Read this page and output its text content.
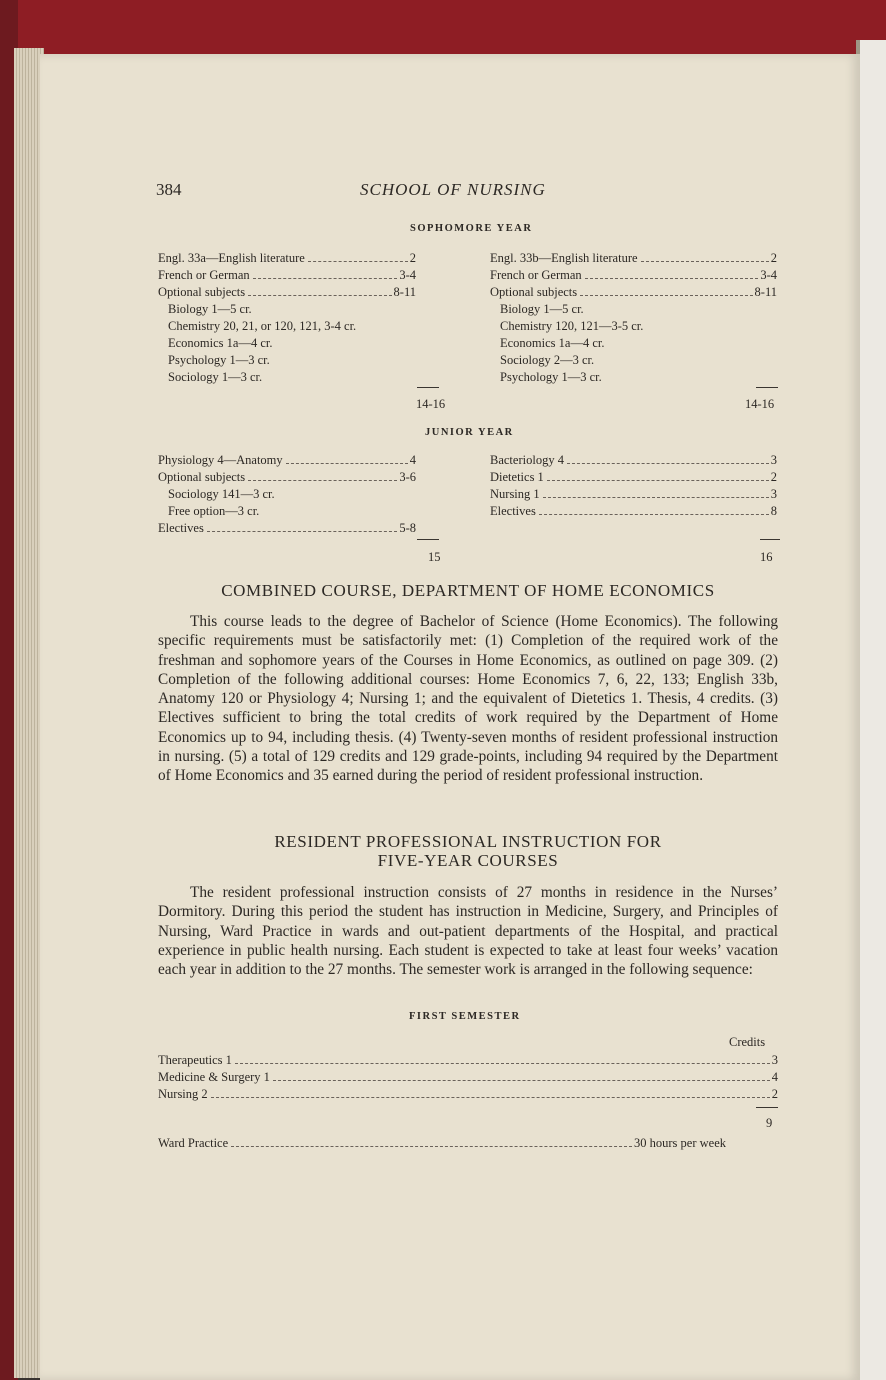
384	SCHOOL OF NURSING
SOPHOMORE YEAR
Engl. 33a—English literature	2
French or German	3-4
Optional subjects	8-11
Biology 1—5 cr.
Chemistry 20, 21, or 120, 121, 3-4 cr.
Economics 1a—4 cr.
Psychology 1—3 cr.
Sociology 1—3 cr.
Engl. 33b—English literature	2
French or German	3-4
Optional subjects	8-11
Biology 1—5 cr.
Chemistry 120, 121—3-5 cr.
Economics 1a—4 cr.
Sociology 2—3 cr.
Psychology 1—3 cr.
14-16	14-16
JUNIOR YEAR
Physiology 4—Anatomy	4
Optional subjects	3-6
Sociology 141—3 cr.
Free option—3 cr.
Electives	5-8
Bacteriology 4	3
Dietetics 1	2
Nursing 1	3
Electives	8
15	16
COMBINED COURSE, DEPARTMENT OF HOME ECONOMICS
This course leads to the degree of Bachelor of Science (Home Economics). The following specific requirements must be satisfactorily met: (1) Completion of the required work of the freshman and sophomore years of the Courses in Home Economics, as outlined on page 309. (2) Completion of the following additional courses: Home Economics 7, 6, 22, 133; English 33b, Anatomy 120 or Physiology 4; Nursing 1; and the equivalent of Dietetics 1. Thesis, 4 credits. (3) Electives sufficient to bring the total credits of work required by the Department of Home Economics up to 94, including thesis. (4) Twenty-seven months of resident professional instruction in nursing. (5) a total of 129 credits and 129 grade-points, including 94 required by the Department of Home Economics and 35 earned during the period of resident professional instruction.
RESIDENT PROFESSIONAL INSTRUCTION FOR
FIVE-YEAR COURSES
The resident professional instruction consists of 27 months in residence in the Nurses’ Dormitory. During this period the student has instruction in Medicine, Surgery, and Principles of Nursing, Ward Practice in wards and out-patient departments of the Hospital, and practical experience in public health nursing. Each student is expected to take at least four weeks’ vacation each year in addition to the 27 months. The semester work is arranged in the following sequence:
FIRST SEMESTER
Credits
Therapeutics 1	3
Medicine & Surgery 1	4
Nursing 2	2
9
Ward Practice	30 hours per week
